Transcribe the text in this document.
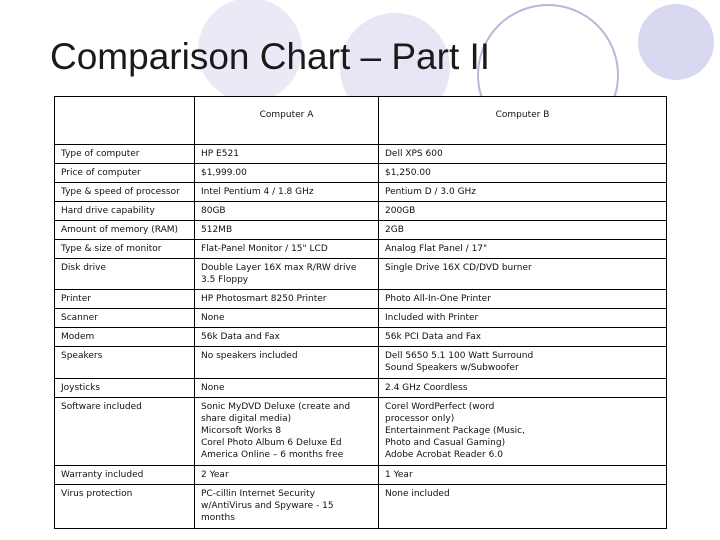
Comparison Chart – Part II
	Computer A	Computer B

Type of computer	HP E521	Dell XPS 600

Price of computer	$1,999.00	$1,250.00

Type & speed of processor	Intel Pentium 4 / 1.8 GHz	Pentium D / 3.0 GHz

Hard drive capability	80GB	200GB

Amount of memory (RAM)	512MB	2GB

Type & size of monitor	Flat-Panel Monitor / 15" LCD	Analog Flat Panel / 17"

Disk drive	Double Layer 16X max R/RW drive
3.5 Floppy	Single Drive 16X CD/DVD burner

Printer	HP Photosmart 8250 Printer	Photo All-In-One Printer

Scanner	None	Included with Printer

Modem	56k Data and Fax	56k PCI Data and Fax

Speakers	No speakers included	Dell 5650 5.1 100 Watt Surround
Sound Speakers w/Subwoofer

Joysticks	None	2.4 GHz Coordless

Software included	Sonic MyDVD Deluxe (create and
share digital media)
Micorsoft Works 8
Corel Photo Album 6 Deluxe Ed
America Online – 6 months free	Corel WordPerfect (word
processor only)
Entertainment Package (Music,
Photo and Casual Gaming)
Adobe Acrobat Reader 6.0

Warranty included	2 Year	1 Year

Virus protection	PC-cillin Internet Security
w/AntiVirus and Spyware - 15
months	None included
